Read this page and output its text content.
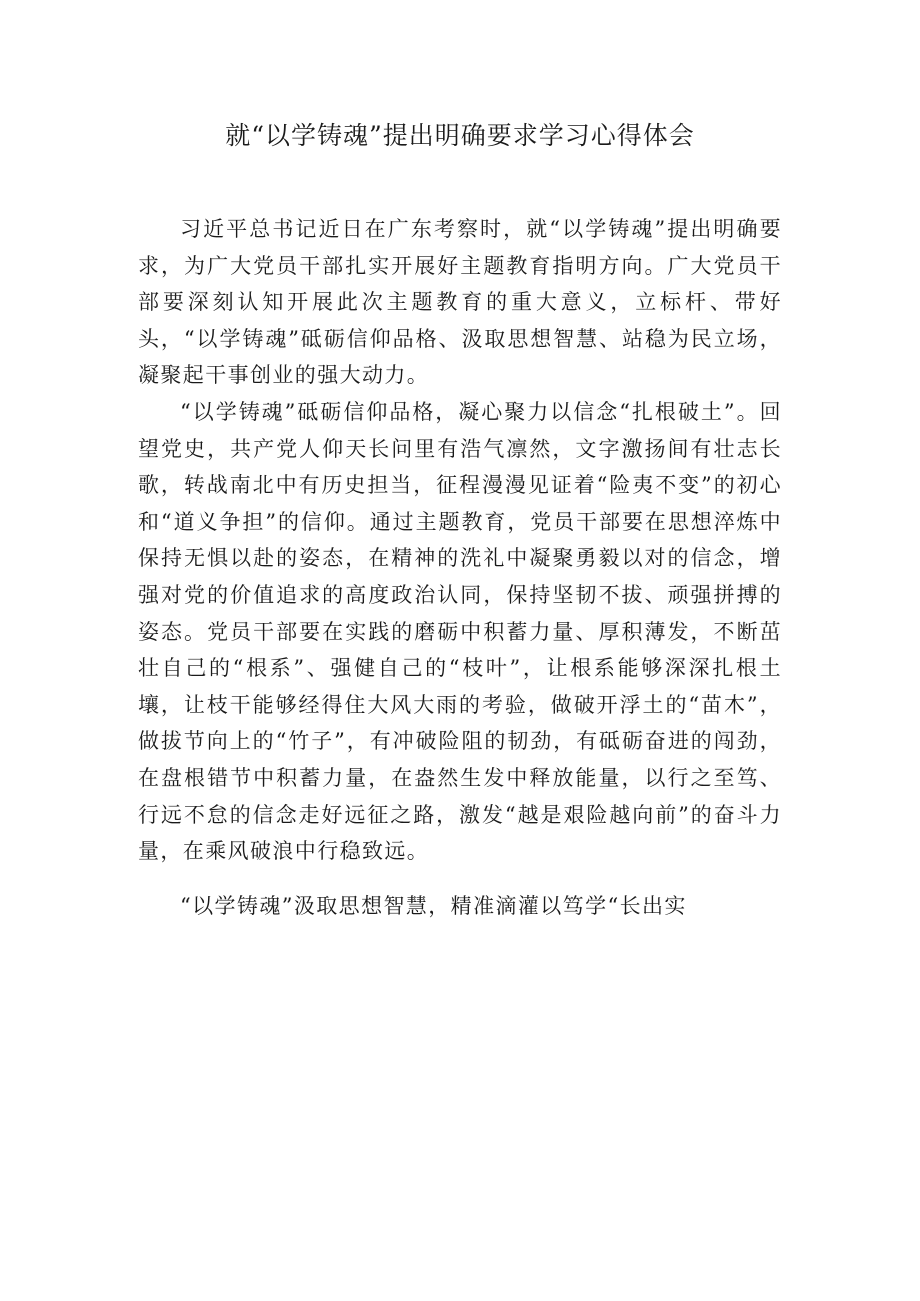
就“以学铸魂”提出明确要求学习心得体会

习近平总书记近日在广东考察时，就“以学铸魂”提出明确要求，为广大党员干部扎实开展好主题教育指明方向。广大党员干部要深刻认知开展此次主题教育的重大意义，立标杆、带好头，“以学铸魂”砥砺信仰品格、汲取思想智慧、站稳为民立场，凝聚起干事创业的强大动力。

“以学铸魂”砥砺信仰品格，凝心聚力以信念“扎根破土”。回望党史，共产党人仰天长问里有浩气凛然，文字激扬间有壮志长歌，转战南北中有历史担当，征程漫漫见证着“险夷不变”的初心和“道义争担”的信仰。通过主题教育，党员干部要在思想淬炼中保持无惧以赴的姿态，在精神的洗礼中凝聚勇毅以对的信念，增强对党的价值追求的高度政治认同，保持坚韧不拔、顽强拼搏的姿态。党员干部要在实践的磨砺中积蓄力量、厚积薄发，不断茁壮自己的“根系”、强健自己的“枝叶”，让根系能够深深扎根土壤，让枝干能够经得住大风大雨的考验，做破开浮土的“苗木”，做拔节向上的“竹子”，有冲破险阻的韧劲，有砥砺奋进的闯劲，在盘根错节中积蓄力量，在盎然生发中释放能量，以行之至笃、行远不怠的信念走好远征之路，激发“越是艰险越向前”的奋斗力量，在乘风破浪中行稳致远。

“以学铸魂”汲取思想智慧，精准滴灌以笃学“长出实
